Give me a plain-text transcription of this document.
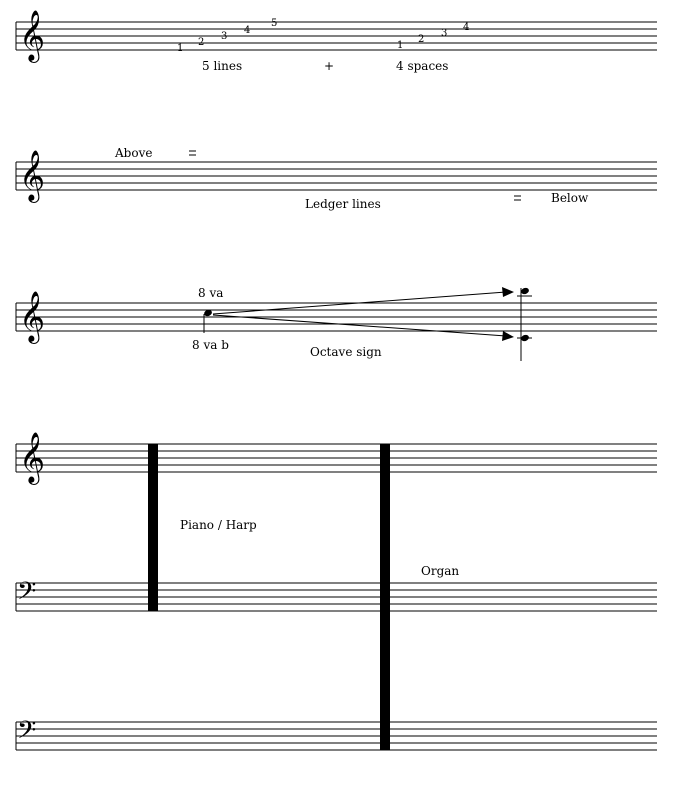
𝄞	1
2
3
4
5
1
2
3
4
5 lines	+	4 spaces
𝄞	Above
Ledger lines	Below
𝄞	8 va
8 va b	Octave sign
𝄞
𝄢
𝄢
Piano / Harp
Organ
